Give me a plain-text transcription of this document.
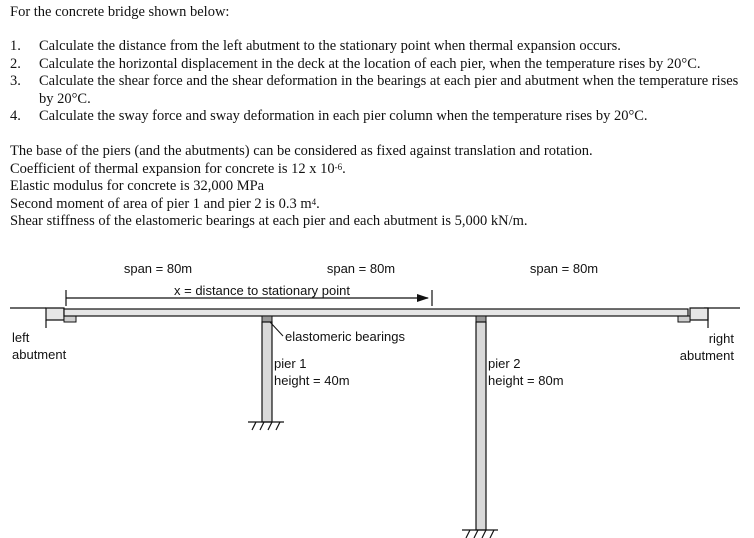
For the concrete bridge shown below:

1. Calculate the distance from the left abutment to the stationary point when thermal expansion occurs.
2. Calculate the horizontal displacement in the deck at the location of each pier, when the temperature rises by 20°C.
3. Calculate the shear force and the shear deformation in the bearings at each pier and abutment when the temperature rises by 20°C.
4. Calculate the sway force and sway deformation in each pier column when the temperature rises by 20°C.
The base of the piers (and the abutments) can be considered as fixed against translation and rotation.
Coefficient of thermal expansion for concrete is 12 x $10^{-6}$.
Elastic modulus for concrete is 32,000 MPa
Second moment of area of pier 1 and pier 2 is 0.3 $m^4$.
Shear stiffness of the elastomeric bearings at each pier and each abutment is 5,000 kN/m.
span = 80m	span = 80m	span = 80m
x = distance to stationary point
elastomeric bearings
left
abutment
right
abutment
pier 1
height = 40m
pier 2
height = 80m
